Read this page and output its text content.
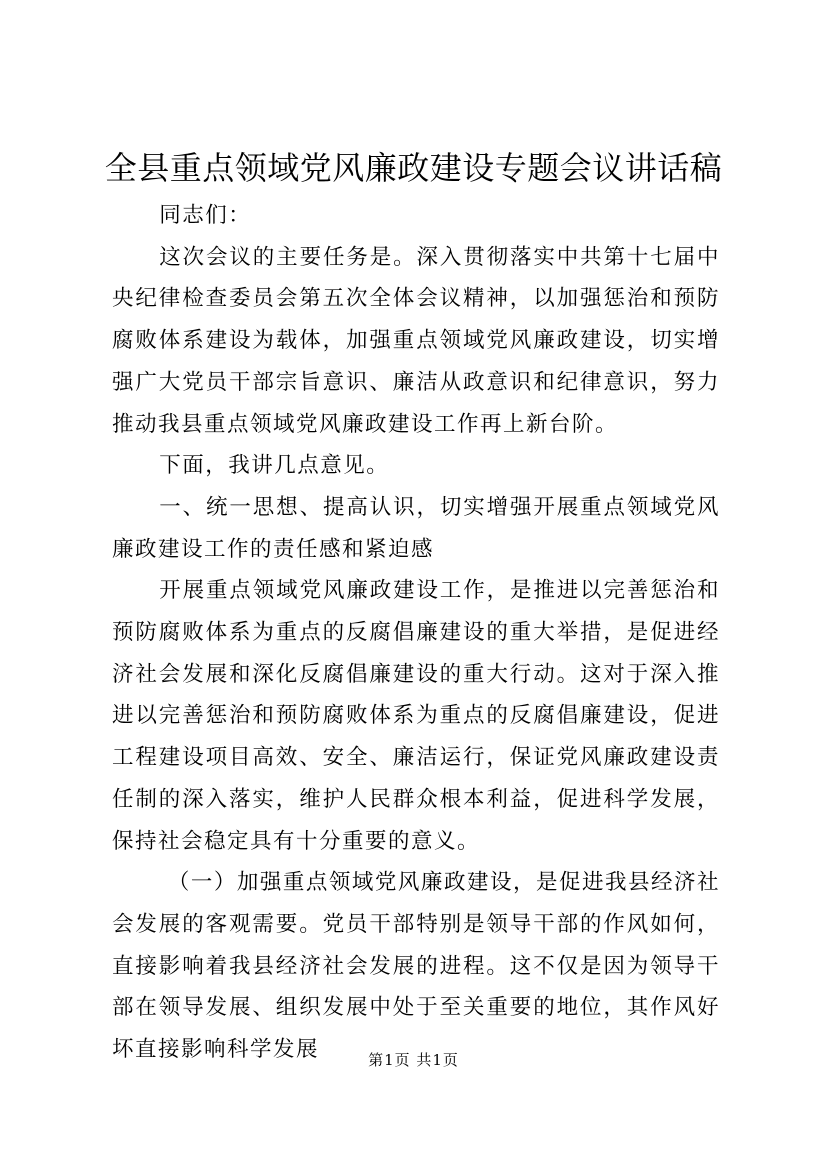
全县重点领域党风廉政建设专题会议讲话稿

同志们：

这次会议的主要任务是。深入贯彻落实中共第十七届中央纪律检查委员会第五次全体会议精神，以加强惩治和预防腐败体系建设为载体，加强重点领域党风廉政建设，切实增强广大党员干部宗旨意识、廉洁从政意识和纪律意识，努力推动我县重点领域党风廉政建设工作再上新台阶。

下面，我讲几点意见。

一、统一思想、提高认识，切实增强开展重点领域党风廉政建设工作的责任感和紧迫感

开展重点领域党风廉政建设工作，是推进以完善惩治和预防腐败体系为重点的反腐倡廉建设的重大举措，是促进经济社会发展和深化反腐倡廉建设的重大行动。这对于深入推进以完善惩治和预防腐败体系为重点的反腐倡廉建设，促进工程建设项目高效、安全、廉洁运行，保证党风廉政建设责任制的深入落实，维护人民群众根本利益，促进科学发展，保持社会稳定具有十分重要的意义。

（一）加强重点领域党风廉政建设，是促进我县经济社会发展的客观需要。党员干部特别是领导干部的作风如何，直接影响着我县经济社会发展的进程。这不仅是因为领导干部在领导发展、组织发展中处于至关重要的地位，其作风好坏直接影响科学发展	第1页 共1页
